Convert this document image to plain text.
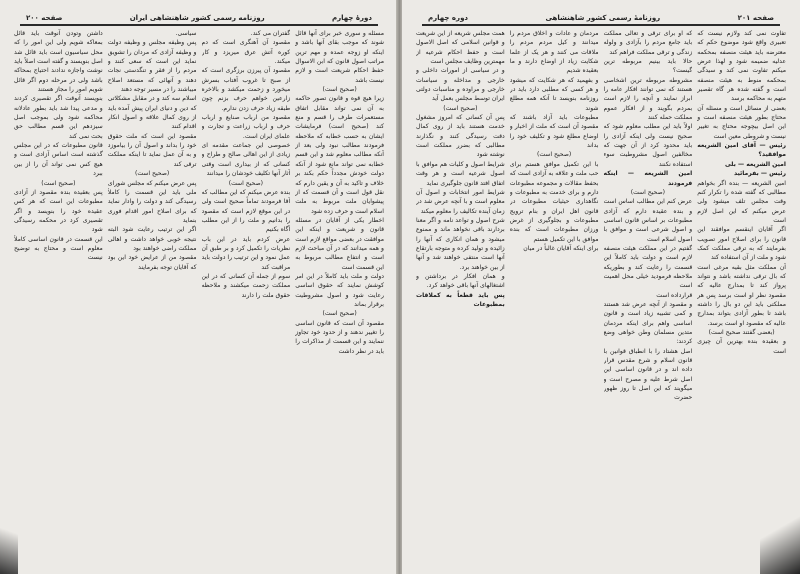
دورهٔ چهارم
روزنامه رسمی کشور شاهنشاهی ایران
صفحه ۲۰۰

مسئله و سوری خبر برای آنها قائل شوند که موجب بقای آنها باشد و اینکه او زوجه عمده و مهم ترین مراتب اصول قانون که ابن الاسوال حفظ احکام شریعت است و لازم نیست باشد

(صحیح است)

زیرا هیچ قوه و قانون تصور حاکمه به آن نمی تواند مقابل اتفاق مستعمرات طرف را قسم و منع کند (صحیح است) فرمایشات ایشان به حسب خطابه که ملاحظه فرمودند مطالب نبود ولی بعد از آنکه مطالب معلوم شد و این قسم خطابه نمی تواند مانع شود از آنکه دولت خودش مجدداً حکم بکند بر خلاف و تاکید به آن و یقین دارم که نقل قول است و آن قسمت که از پیشوایان ملت مربوط به ملت اسلام است و حرف زده شود

اخطار یکی از آقایان در مسئله قانون و شریعت و اینکه این موافقت در بعضی مواقع لازم است و همه میدانند که در آن مباحث لازم است و انتفاع مطالب مربوط به این قسمت است

دولت و ملت باید کاملاً در این امر کوشش نمایند که حقوق اساسی رعایت شود و اصول مشروطیت برقرار بماند

(صحیح است)

مقصود آن است که قانون اساسی را تغییر ندهند و از حدود خود تجاوز ننمایند و این قسمت از مذاکرات را باید در نظر داشت

گفتران می کند.

مقصود آن آهنگری است که دم کوره آتش عرق میریزد و کار میکند.

مقصود آن پیرزن برزگری است که از صبح تا غروب آفتاب بسرش میخورد و زحمت میکشد و بالاخره زارعین خواهم حرف بزنم چون طبقه زیاد حرف زدن ندارم.

مقصود من ارباب صنایع و ارباب حرف و ارباب زراعت و تجارت و علمای ایران است.

خصوصی این جماعت مقدمه ای زیادی از این اهالی صالح و طراح و کسانی که از بیداری است وقتی آثار آنها تکلیف خودشان را میدانند

(صحیح است)

بنده عرض میکنم که این مطالب که آقا فرمودند تماماً صحیح است ولی در این موقع لازم است که مقصود را بدانیم و ملت را از این مطلب آگاه بکنیم

عرض کردم باید در این باب نظریات را تکمیل کرد و بر طبق آن عمل نمود و این ترتیب را دولت باید مراقبت کند

سوم از جمله آن کسانی که در این مملکت زحمت میکشند و ملاحظه حقوق ملت را دارند

سیاسی.

پس وظیفه مجلس و وظیفه دولت و وظیفه آزادی که مردان را تشویق نماید این است که سعی کنند و مردم را از فقر و تنگدستی نجات دهند و آنهائی که مستعد اصلاح میباشند را در مسیر توجه دهند

اسلام سه کند و در مقابل مشکلاتی که دین و دنیای ایران پیش آمده باید از روی کمال علاقه و اصول انکار اقدام کنند

مقصود این است که ملت حقوق خود را بداند و اصول آن را بیاموزد و به آن عمل نماید تا اینکه مملکت ترقی کند

(صحیح است)

پس عرض میکنم که مجلس شورای ملی باید این قسمت را کاملاً رسیدگی کند و دولت را وادار نماید که برای اصلاح امور اقدام فوری بنماید

اگر این ترتیب رعایت شود البته نتیجه خوبی خواهد داشت و اهالی مملکت راضی خواهند بود

مقصود من از عرایض خود این بود که آقایان توجه بفرمایند

داشتن وتودن آنوقت باید قائل بمعاکه شویم ولی این امور را که محل سیاسیون است باید قائل شد اصل بنویسند و گفته است اصلاً باید نوشت واجازه ندادند احتیاج بمحاکه باشد ولی در مرحله دوم اگر قائل شویم امور را مجاز هستند

بنویسند آنوقت اگر تقصیری کردند و مدعی پیدا شد باید بطور عادلانه محاکمه شود ولی بموجب اصل سیزدهم این قسم مطالب حق بحث نمی کند

قانون مطبوعات که در این مجلس گذشته است اساس آزادی است و هیچ کس نمی تواند آن را از بین ببرد

(صحیح است)

پس بعقیده بنده مقصود از آزادی مطبوعات این است که هر کس عقیده خود را بنویسد و اگر تقصیری کرد در محکمه رسیدگی شود

این قسمت در قانون اساسی کاملاً معلوم است و محتاج به توضیح نیست

صفحه ۲۰۱
روزنامهٔ رسمی کشور شاهنشاهی
دوره چهارم

تفاوت نمی کند ولازم نیست که تعبیری واقع شود موضوع حکم که معترضه باید هیئت منصفه بمحکمه عدلیه ضمیمه شود و لهذا عرض میکنم تفاوت نمی کند و سیدگی بمحکمه منوط به هیئت منصفه است و گفته شده هر گاه تقصیر متهم به محاکمه برسد

بعضی از مسائل است و مسئله آن محتاج بطور هیئت منصفه است و این اصل بیچوجه محتاج به تغییر نیست و شروطی معین است

رئیس — آقای امین الشریعه موافقید؟

امین الشریعه — بلی

رئیس — بفرمائید

امین الشریعه — بنده اگر بخواهم مطالبی که گفته شده را تکرار کنم وقت مجلس تلف میشود ولی عرض میکنم که این اصل لازم است

اگر آقایان اینقسم موافقند این قانون را برای اصلاح امور تصویب بفرمایند که به ترقی مملکت کمک شود و ملت از آن استفاده کند

آن مملکت مثل بقیه مرغی است که بال ترقی نداشته باشد و نتواند پرواز کند تا بمدارج عالیه که مقصود نظر او است برسد پس هر مملکتی باید این دو بال را داشته باشد تا بطور آزادی بتواند بمدارج عالیه که مقصود او است برسد.

(بعضی گفتند صحیح است)

و بعقیده بنده بهترین آن چیزی است

که او برای ترقی و تعالی مملکت باید جامع مردم را بآزادی و ولوله زندگی و ترقی مملکت فراهم کند

حالا باید بینیم مربوطه ترین گیست؟

مشروطه مربوطه ترین اشخاصی هستند که نمی توانند افکار عامه را ابراز نمایند و آنچه را لازم است بمردم بگویند و از افکار عموم مملکت حمله کنند

اولاً باید این مطلب معلوم شود که صحیح نیست ولی اینکه آزادی را باید محدود کرد از آن جهت که مخالفین اصول مشروطیت سوء استفاده نکنند

امین الشریعه — اینکه فرمودند

(صحیح است)

عرض کنم این مطالب اساس است و بنده عقیده دارم که آزادی مطبوعات بر اساس قانون اساسی و اصول شرعی است و موافق با اصول اسلام است

گفتیم در این مملکت هیئت منصفه لازم است و دولت باید کاملاً این قسمت را رعایت کند و بطوریکه ملاحظه فرمودید خیلی محل اهمیت است

قرارداده است

و مقصود از آنچه عرض شد هستند و کمی تشبیه زیاد است و قانون اساسی واهم برای اینکه مردمان متدین مسلمان وطن خواهی وضع کردند:

اصل هشتاد را با انطباق قوانین با قانون اسلام و شرع مقدس قرار داده اند و در قانون اساسی این اصل شرط علیه و مصرح است و میگویند که این اصل تا روز ظهور حضرت

مردمان و عادات و اخلاق مردم را میدانند و کیل مردم مردم را ملاقات می کنند و هر یک از علما شکایت زیاد از اوضاع دارند و ما بعقیده شدیم

و بفهمید که هر شکایت که میشود و هر کسی که مطلبی دارد باید در روزنامه بنویسد تا آنکه همه مطلع شوند

مطبوعات باید آزاد باشند که مقصود آن است که ملت از اخبار و اوضاع مطلع شود و تکلیف خود را بداند

(صحیح است)

با این تکمیل موافق هستم برای حب ملت و علاقه به آزادی است که بحفظ مقالات و مجموعه مطبوعات دارم و برای خدمت به مطبوعات و نگاهداری حیثیات مطبوعات در قانون اهل ایران و بنام ترویج مطبوعات و بجلوگیری از غرض ورزان مطبوعات است که بنده موافق با این تکمیل هستم

برای اینکه آقایان غالباً در میان

همت مجلس شریعه از این شریعت و قوانین اسلامی که اصل الاصول است و حفظ احکام شرعیه از مهمترین وظایف مجلس است

و در سیاسی از امورات داخلی و خارجی و مداخله و سیاسات خارجی و مراوده و مناسبات دولتی ایران توسط مجلس بعمل آید

(صحیح است)

پس آن کسانی که امروز مشغول خدمت هستند باید از روی کمال دقت رسیدگی کنند و نگذارند مطالبی که بضرر مملکت است نوشته شود

شرایط اصول و کلیات هم موافق با اصول شرعیه است و هر وقت اتفاق افتد قانون جلوگیری نماید

شرایط امور انتخابات و اصول آن معلوم است و با آنچه عرض شد در زمان آینده تکالیف را معلوم میکند

شرح اصول و تواعد نامه و اگر معنا بردارند باقی نخواهد ماند و ممنوع میشود و همان انکاری که آنها را زائیده و تولید کرده و متوجه بارتقاع آنها است منتفی خواهند شد و آنها از بین خواهند برد.

و همان افکار در برداشتن و اشتغالهای آنها باقی خواهد کرد.

پس باید قطعاً به کملاقات بمطبوعات
